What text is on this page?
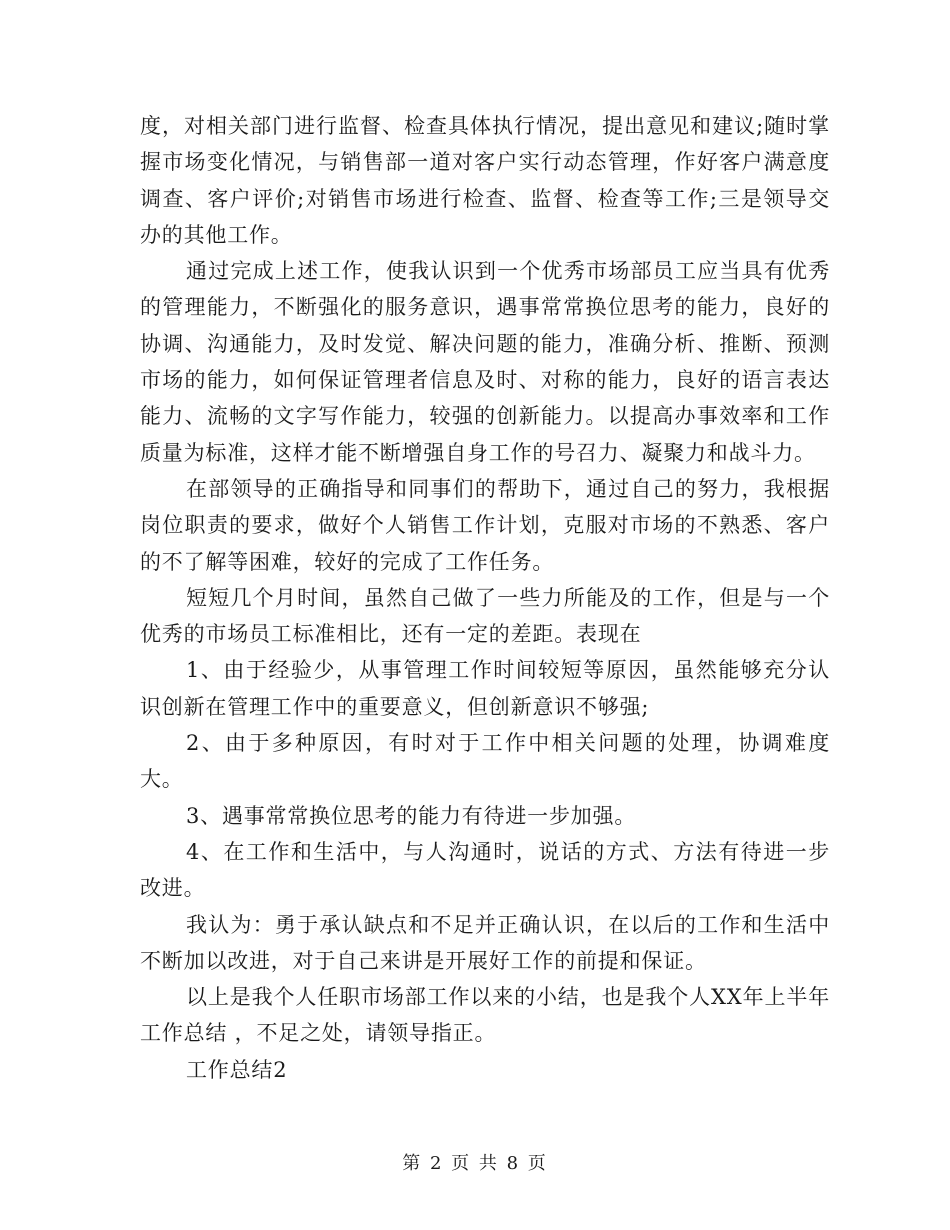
度，对相关部门进行监督、检查具体执行情况，提出意见和建议;随时掌握市场变化情况，与销售部一道对客户实行动态管理，作好客户满意度调查、客户评价;对销售市场进行检查、监督、检查等工作;三是领导交办的其他工作。

通过完成上述工作，使我认识到一个优秀市场部员工应当具有优秀的管理能力，不断强化的服务意识，遇事常常换位思考的能力，良好的协调、沟通能力，及时发觉、解决问题的能力，准确分析、推断、预测市场的能力，如何保证管理者信息及时、对称的能力，良好的语言表达能力、流畅的文字写作能力，较强的创新能力。以提高办事效率和工作质量为标准，这样才能不断增强自身工作的号召力、凝聚力和战斗力。

在部领导的正确指导和同事们的帮助下，通过自己的努力，我根据岗位职责的要求，做好个人销售工作计划，克服对市场的不熟悉、客户的不了解等困难，较好的完成了工作任务。

短短几个月时间，虽然自己做了一些力所能及的工作，但是与一个优秀的市场员工标准相比，还有一定的差距。表现在

1、由于经验少，从事管理工作时间较短等原因，虽然能够充分认识创新在管理工作中的重要意义，但创新意识不够强;

2、由于多种原因，有时对于工作中相关问题的处理，协调难度大。

3、遇事常常换位思考的能力有待进一步加强。

4、在工作和生活中，与人沟通时，说话的方式、方法有待进一步改进。

我认为：勇于承认缺点和不足并正确认识，在以后的工作和生活中不断加以改进，对于自己来讲是开展好工作的前提和保证。

以上是我个人任职市场部工作以来的小结，也是我个人XX年上半年工作总结 ，不足之处，请领导指正。

工作总结2

第 2 页 共 8 页
